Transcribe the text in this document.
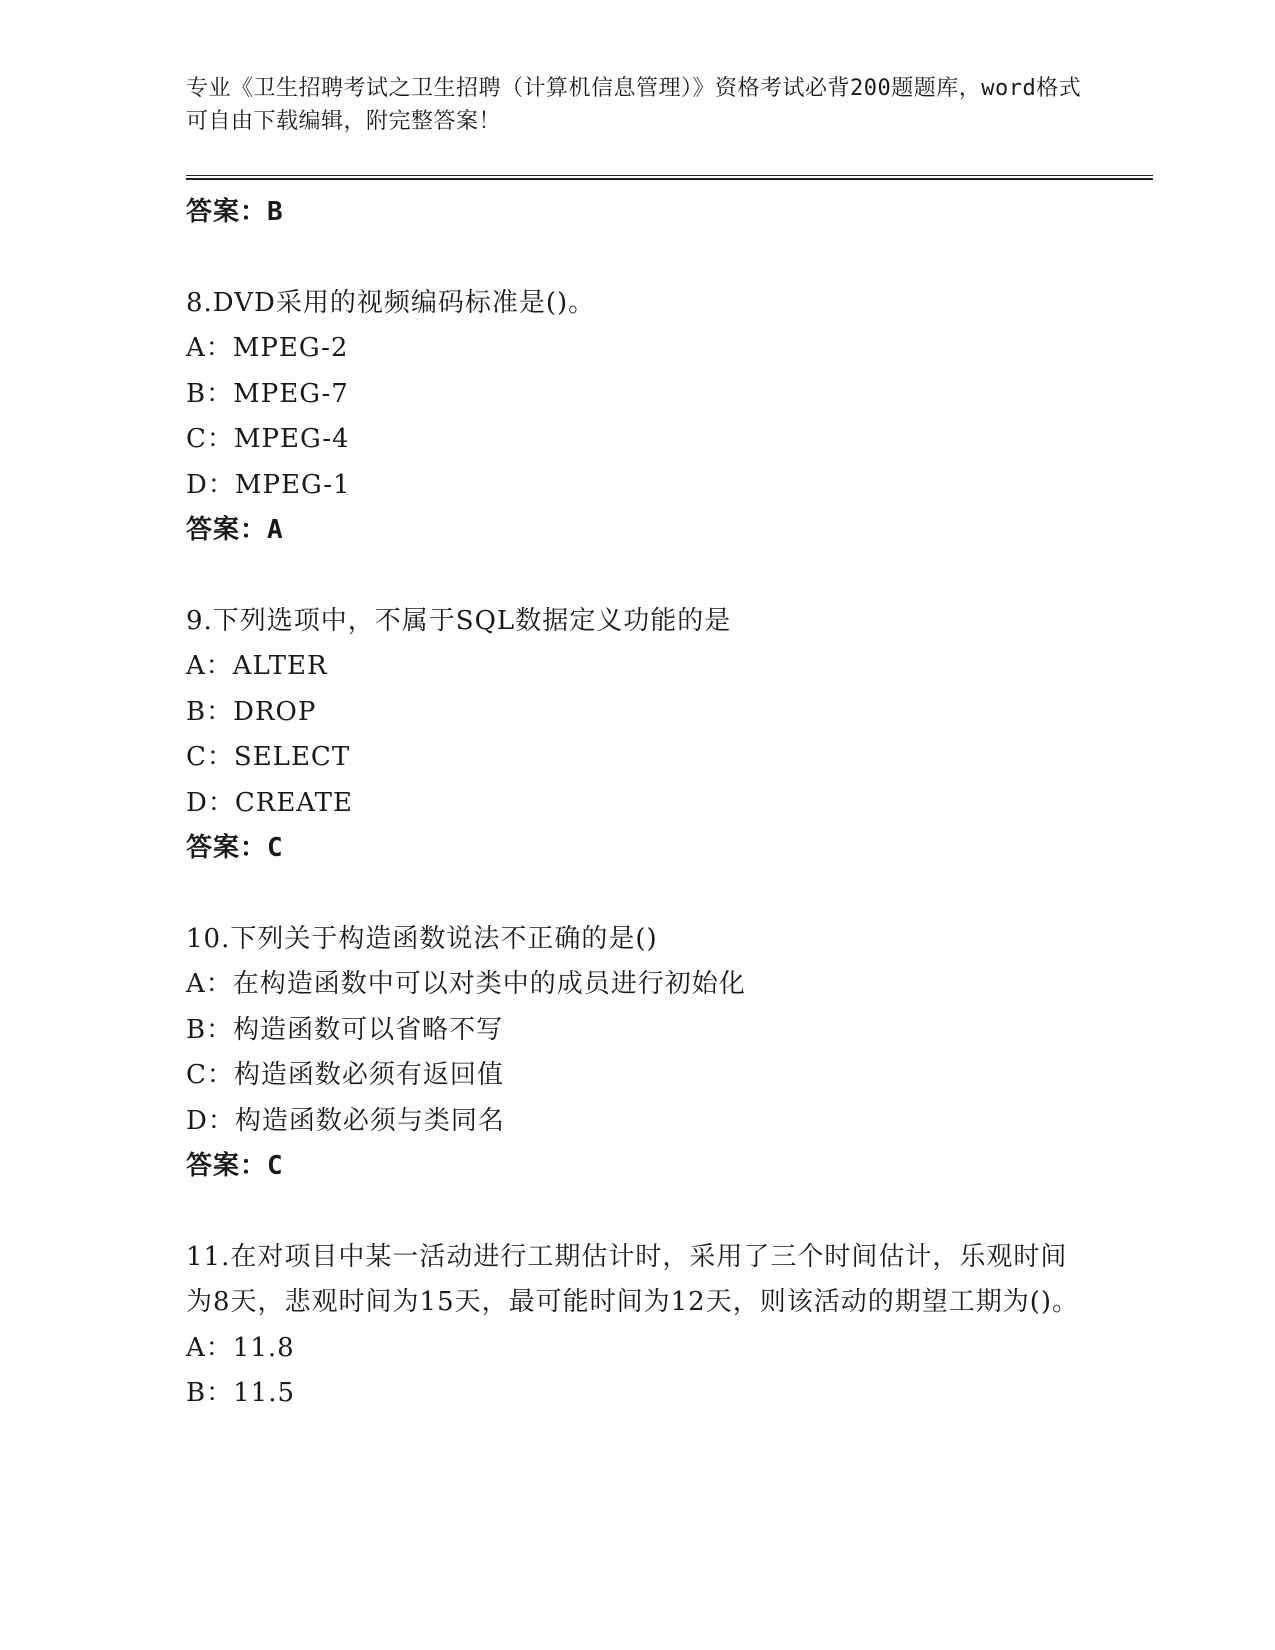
专业《卫生招聘考试之卫生招聘（计算机信息管理）》资格考试必背200题题库，word格式可自由下载编辑，附完整答案！
答案：B
8.DVD采用的视频编码标准是()。
A：MPEG-2
B：MPEG-7
C：MPEG-4
D：MPEG-1
答案：A
9.下列选项中，不属于SQL数据定义功能的是
A：ALTER
B：DROP
C：SELECT
D：CREATE
答案：C
10.下列关于构造函数说法不正确的是()
A：在构造函数中可以对类中的成员进行初始化
B：构造函数可以省略不写
C：构造函数必须有返回值
D：构造函数必须与类同名
答案：C
11.在对项目中某一活动进行工期估计时，采用了三个时间估计，乐观时间为8天，悲观时间为15天，最可能时间为12天，则该活动的期望工期为()。
A：11.8
B：11.5
